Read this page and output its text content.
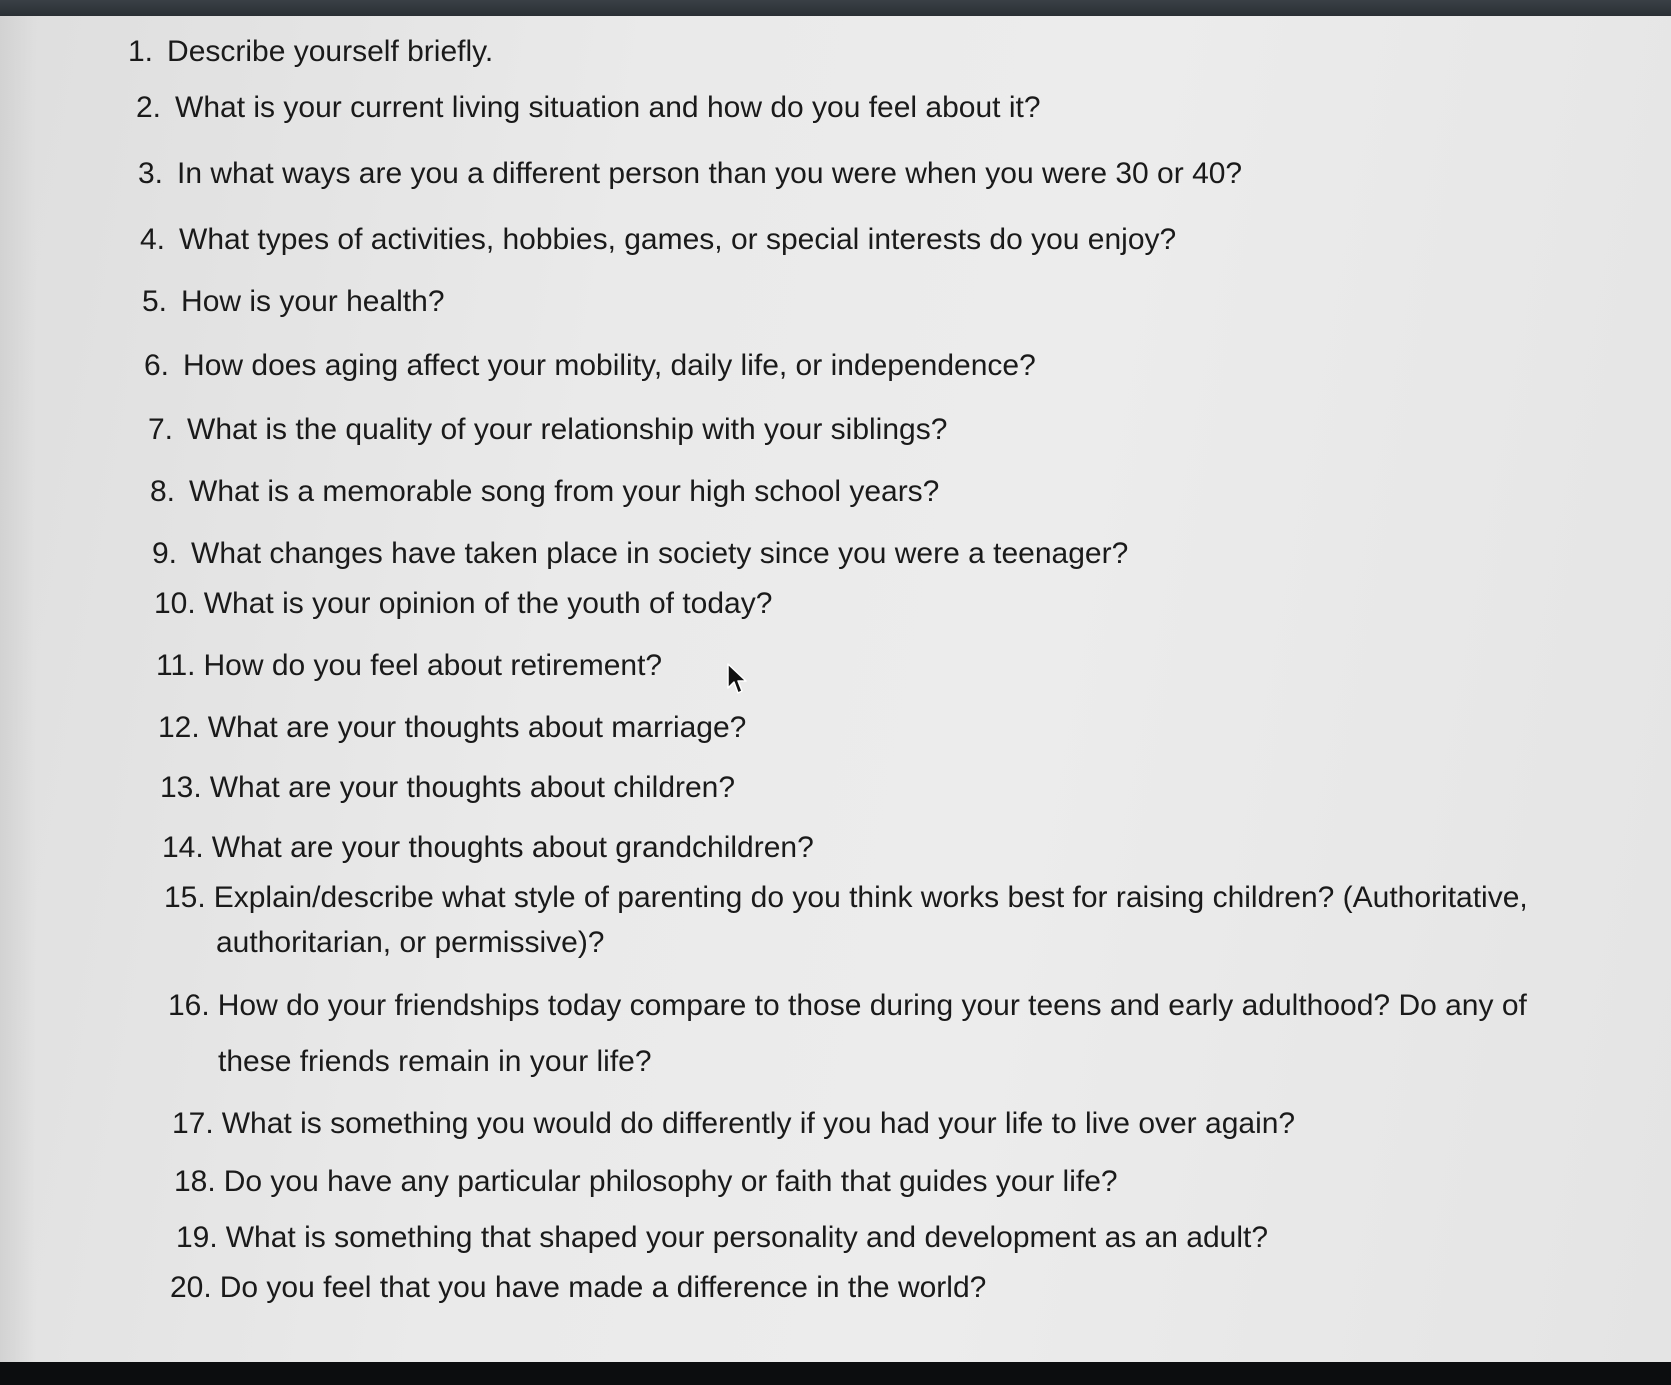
1. Describe yourself briefly.
2. What is your current living situation and how do you feel about it?
3. In what ways are you a different person than you were when you were 30 or 40?
4. What types of activities, hobbies, games, or special interests do you enjoy?
5. How is your health?
6. How does aging affect your mobility, daily life, or independence?
7. What is the quality of your relationship with your siblings?
8. What is a memorable song from your high school years?
9. What changes have taken place in society since you were a teenager?
10. What is your opinion of the youth of today?
11. How do you feel about retirement?
12. What are your thoughts about marriage?
13. What are your thoughts about children?
14. What are your thoughts about grandchildren?
15. Explain/describe what style of parenting do you think works best for raising children? (Authoritative,
authoritarian, or permissive)?
16. How do your friendships today compare to those during your teens and early adulthood? Do any of
these friends remain in your life?
17. What is something you would do differently if you had your life to live over again?
18. Do you have any particular philosophy or faith that guides your life?
19. What is something that shaped your personality and development as an adult?
20. Do you feel that you have made a difference in the world?
